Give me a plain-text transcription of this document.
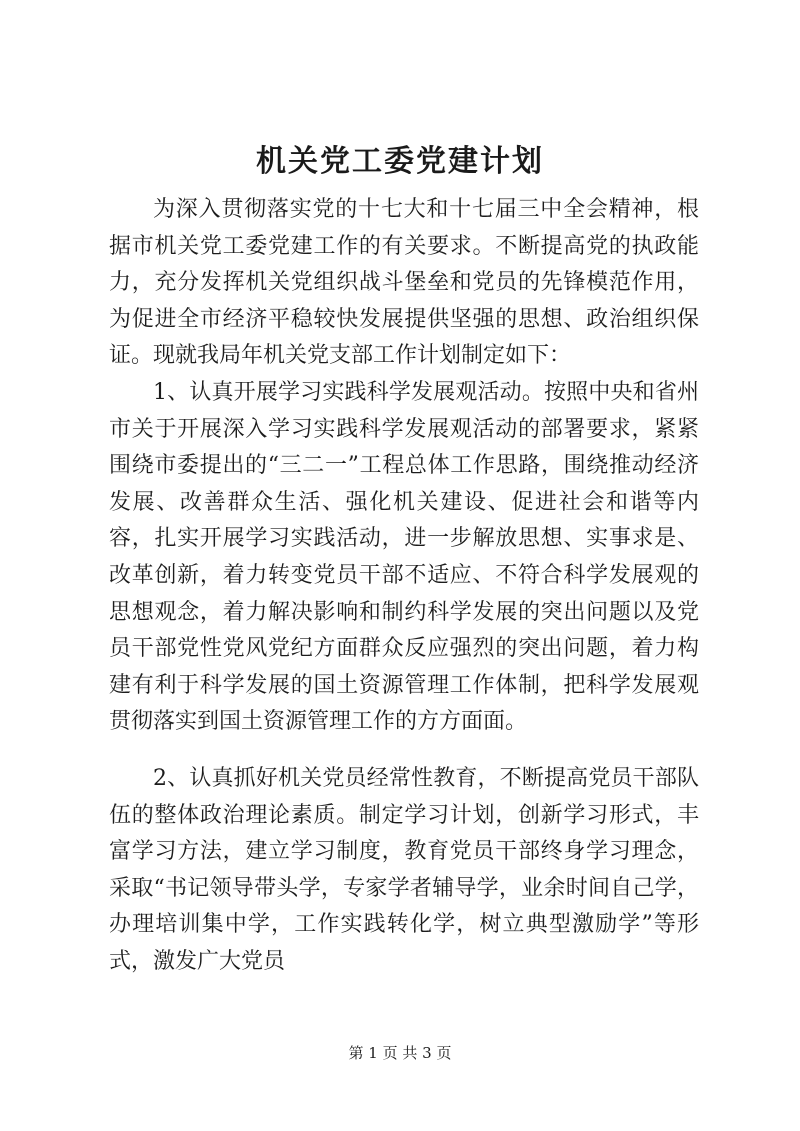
机关党工委党建计划

为深入贯彻落实党的十七大和十七届三中全会精神，根据市机关党工委党建工作的有关要求。不断提高党的执政能力，充分发挥机关党组织战斗堡垒和党员的先锋模范作用，为促进全市经济平稳较快发展提供坚强的思想、政治组织保证。现就我局年机关党支部工作计划制定如下：

1、认真开展学习实践科学发展观活动。按照中央和省州市关于开展深入学习实践科学发展观活动的部署要求，紧紧围绕市委提出的“三二一”工程总体工作思路，围绕推动经济发展、改善群众生活、强化机关建设、促进社会和谐等内容，扎实开展学习实践活动，进一步解放思想、实事求是、改革创新，着力转变党员干部不适应、不符合科学发展观的思想观念，着力解决影响和制约科学发展的突出问题以及党员干部党性党风党纪方面群众反应强烈的突出问题，着力构建有利于科学发展的国土资源管理工作体制，把科学发展观贯彻落实到国土资源管理工作的方方面面。

2、认真抓好机关党员经常性教育，不断提高党员干部队伍的整体政治理论素质。制定学习计划，创新学习形式，丰富学习方法，建立学习制度，教育党员干部终身学习理念，采取“书记领导带头学，专家学者辅导学，业余时间自己学，办理培训集中学，工作实践转化学，树立典型激励学”等形式，激发广大党员

第 1 页 共 3 页
